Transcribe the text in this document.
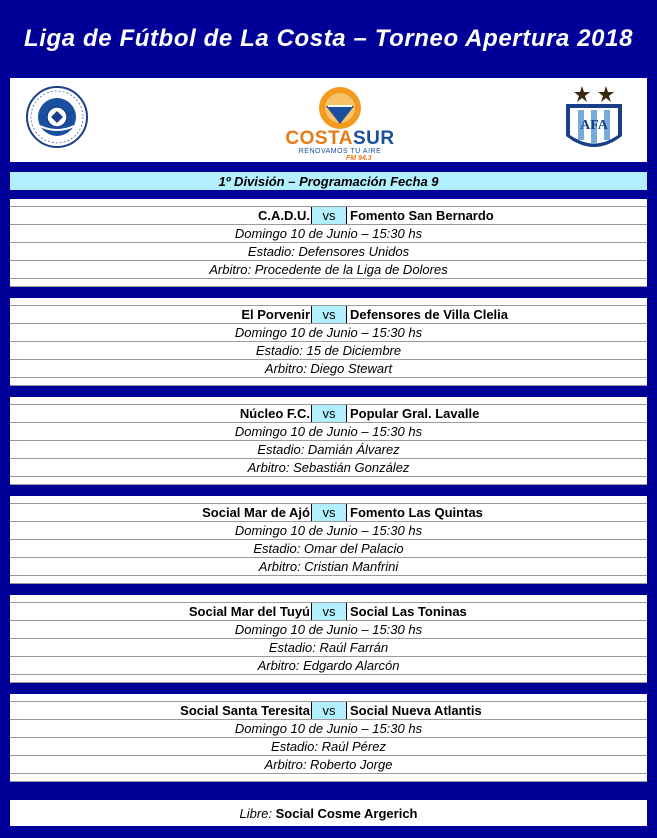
Liga de Fútbol de La Costa – Torneo Apertura 2018
COSTASUR
RENOVAMOS TU AIRE
FM 94.3
AFA
1º División – Programación Fecha 9
C.A.D.U. vs	Fomento San Bernardo
Domingo 10 de Junio – 15:30 hs
Estadio: Defensores Unidos
Arbitro: Procedente de la Liga de Dolores
El Porvenir vs	Defensores de Villa Clelia
Domingo 10 de Junio – 15:30 hs
Estadio: 15 de Diciembre
Arbitro: Diego Stewart
Núcleo F.C. vs	Popular Gral. Lavalle
Domingo 10 de Junio – 15:30 hs
Estadio: Damián Álvarez
Arbitro: Sebastián González
Social Mar de Ajó vs	Fomento Las Quintas
Domingo 10 de Junio – 15:30 hs
Estadio: Omar del Palacio
Arbitro: Cristian Manfrini
Social Mar del Tuyú vs	Social Las Toninas
Domingo 10 de Junio – 15:30 hs
Estadio: Raúl Farrán
Arbitro: Edgardo Alarcón
Social Santa Teresita vs	Social Nueva Atlantis
Domingo 10 de Junio – 15:30 hs
Estadio: Raúl Pérez
Arbitro: Roberto Jorge
Libre:
Social Cosme Argerich
